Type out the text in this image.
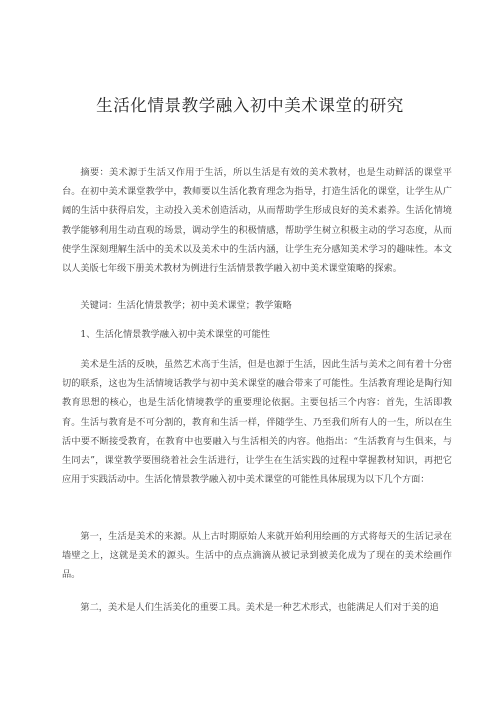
生活化情景教学融入初中美术课堂的研究
摘要：美术源于生活又作用于生活，所以生活是有效的美术教材，也是生动鲜活的课堂平台。在初中美术课堂教学中，教师要以生活化教育理念为指导，打造生活化的课堂，让学生从广阔的生活中获得启发，主动投入美术创造活动，从而帮助学生形成良好的美术素养。生活化情境教学能够利用生动直观的场景，调动学生的积极情感，帮助学生树立积极主动的学习态度，从而使学生深刻理解生活中的美术以及美术中的生活内涵，让学生充分感知美术学习的趣味性。本文以人美版七年级下册美术教材为例进行生活情景教学融入初中美术课堂策略的探索。
关键词：生活化情景教学；初中美术课堂；教学策略
1、生活化情景教学融入初中美术课堂的可能性
美术是生活的反映，虽然艺术高于生活，但是也源于生活，因此生活与美术之间有着十分密切的联系，这也为生活情境话教学与初中美术课堂的融合带来了可能性。生活教育理论是陶行知教育思想的核心，也是生活化情境教学的重要理论依据。主要包括三个内容：首先，生活即教育。生活与教育是不可分割的，教育和生活一样，伴随学生、乃至我们所有人的一生，所以在生活中要不断接受教育，在教育中也要融入与生活相关的内容。他指出：“生活教育与生俱来，与生同去”，课堂教学要围绕着社会生活进行，让学生在生活实践的过程中掌握教材知识，再把它应用于实践活动中。生活化情景教学融入初中美术课堂的可能性具体展现为以下几个方面：
第一，生活是美术的来源。从上古时期原始人来就开始利用绘画的方式将每天的生活记录在墙壁之上，这就是美术的源头。生活中的点点滴滴从被记录到被美化成为了现在的美术绘画作品。
第二，美术是人们生活美化的重要工具。美术是一种艺术形式，也能满足人们对于美的追
